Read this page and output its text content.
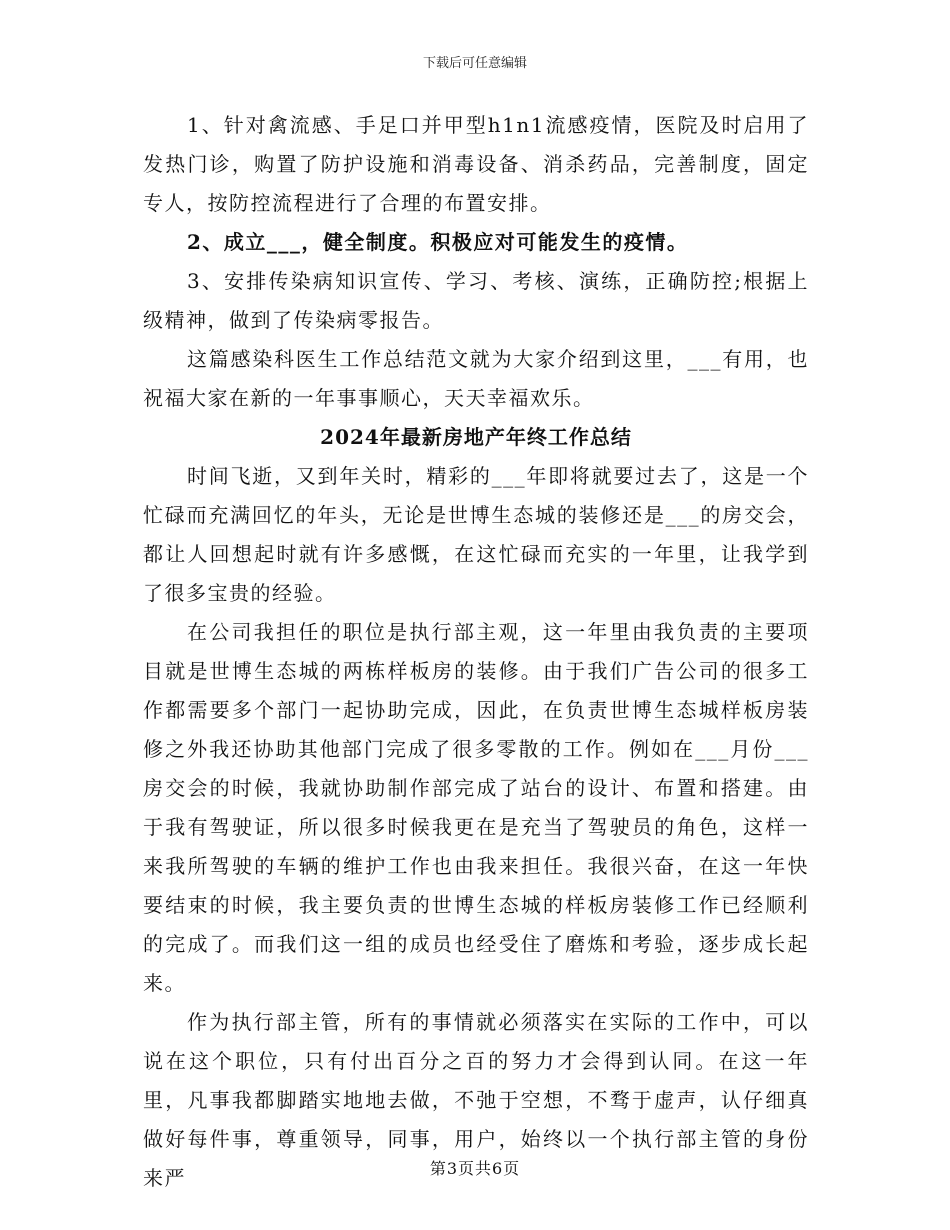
下载后可任意编辑

1、针对禽流感、手足口并甲型h1n1流感疫情，医院及时启用了发热门诊，购置了防护设施和消毒设备、消杀药品，完善制度，固定专人，按防控流程进行了合理的布置安排。

2、成立___，健全制度。积极应对可能发生的疫情。

3、安排传染病知识宣传、学习、考核、演练，正确防控;根据上级精神，做到了传染病零报告。

这篇感染科医生工作总结范文就为大家介绍到这里，___有用，也祝福大家在新的一年事事顺心，天天幸福欢乐。

2024年最新房地产年终工作总结

时间飞逝，又到年关时，精彩的___年即将就要过去了，这是一个忙碌而充满回忆的年头，无论是世博生态城的装修还是___的房交会，都让人回想起时就有许多感慨，在这忙碌而充实的一年里，让我学到了很多宝贵的经验。

在公司我担任的职位是执行部主观，这一年里由我负责的主要项目就是世博生态城的两栋样板房的装修。由于我们广告公司的很多工作都需要多个部门一起协助完成，因此，在负责世博生态城样板房装修之外我还协助其他部门完成了很多零散的工作。例如在___月份___房交会的时候，我就协助制作部完成了站台的设计、布置和搭建。由于我有驾驶证，所以很多时候我更在是充当了驾驶员的角色，这样一来我所驾驶的车辆的维护工作也由我来担任。我很兴奋，在这一年快要结束的时候，我主要负责的世博生态城的样板房装修工作已经顺利的完成了。而我们这一组的成员也经受住了磨炼和考验，逐步成长起来。

作为执行部主管，所有的事情就必须落实在实际的工作中，可以说在这个职位，只有付出百分之百的努力才会得到认同。在这一年里，凡事我都脚踏实地地去做，不弛于空想，不骛于虚声，认仔细真做好每件事，尊重领导，同事，用户，始终以一个执行部主管的身份来严	第3页共6页
